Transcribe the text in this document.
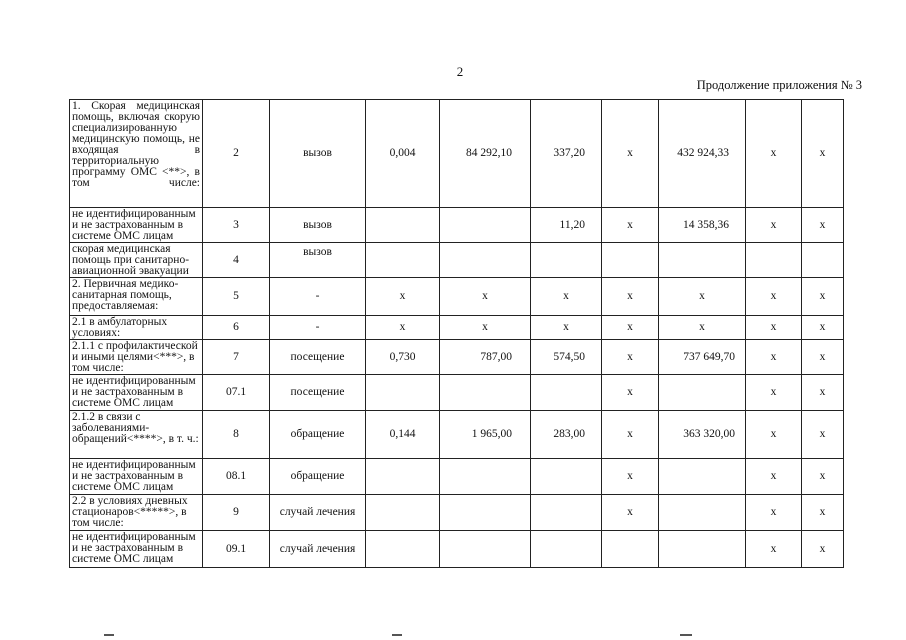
2
Продолжение приложения № 3
1. Скорая медицинская помощь, включая скорую специализированную медицинскую помощь, не входящая в территориальную программу ОМС <**>, в том числе:	2	вызов	0,004	84 292,10	337,20	x	432 924,33	x	x
не идентифицированным и не застрахованным в системе ОМС лицам	3	вызов			11,20	x	14 358,36	x	x
скорая медицинская помощь при санитарно-авиационной эвакуации	4	вызов							
2. Первичная медико-санитарная помощь, предоставляемая:	5	-	x	x	x	x	x	x	x
2.1 в амбулаторных условиях:	6	-	x	x	x	x	x	x	x
2.1.1 с профилактической и иными целями<***>, в том числе:	7	посещение	0,730	787,00	574,50	x	737 649,70	x	x
не идентифицированным и не застрахованным в системе ОМС лицам	07.1	посещение				x		x	x
2.1.2 в связи с заболеваниями-обращений<****>, в т. ч.:	8	обращение	0,144	1 965,00	283,00	x	363 320,00	x	x
не идентифицированным и не застрахованным в системе ОМС лицам	08.1	обращение				x		x	x
2.2 в условиях дневных стационаров<*****>, в том числе:	9	случай лечения				x		x	x
не идентифицированным и не застрахованным в системе ОМС лицам	09.1	случай лечения						x	x
